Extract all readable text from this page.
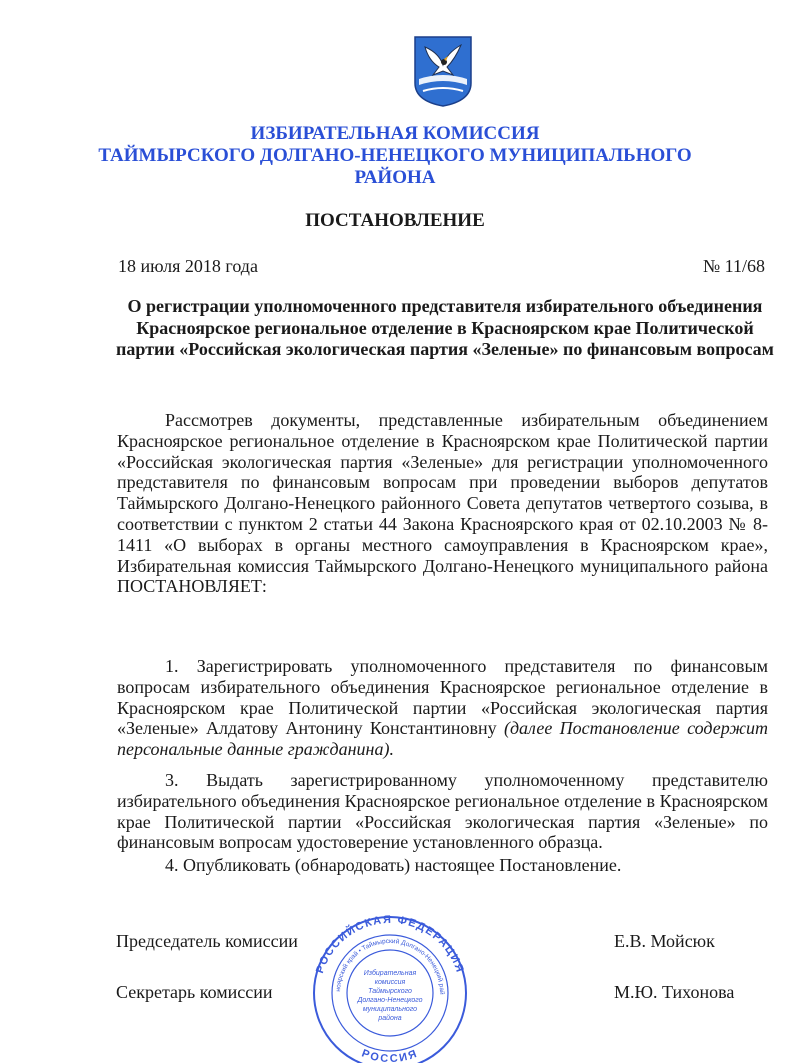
ИЗБИРАТЕЛЬНАЯ КОМИССИЯ
ТАЙМЫРСКОГО ДОЛГАНО-НЕНЕЦКОГО МУНИЦИПАЛЬНОГО
РАЙОНА
ПОСТАНОВЛЕНИЕ
18 июля 2018 года	№ 11/68
О регистрации уполномоченного представителя избирательного объединения Красноярское региональное отделение в Красноярском крае Политической партии «Российская экологическая партия «Зеленые» по финансовым вопросам
Рассмотрев документы, представленные избирательным объединением Красноярское региональное отделение в Красноярском крае Политической партии «Российская экологическая партия «Зеленые» для регистрации уполномоченного представителя по финансовым вопросам при проведении выборов депутатов Таймырского Долгано-Ненецкого районного Совета депутатов четвертого созыва, в соответствии с пунктом 2 статьи 44 Закона Красноярского края от 02.10.2003 № 8-1411 «О выборах в органы местного самоуправления в Красноярском крае», Избирательная комиссия Таймырского Долгано-Ненецкого муниципального района ПОСТАНОВЛЯЕТ:
1. Зарегистрировать уполномоченного представителя по финансовым вопросам избирательного объединения Красноярское региональное отделение в Красноярском крае Политической партии «Российская экологическая партия «Зеленые» Алдатову Антонину Константиновну (далее Постановление содержит персональные данные гражданина).
3. Выдать зарегистрированному уполномоченному представителю избирательного объединения Красноярское региональное отделение в Красноярском крае Политической партии «Российская экологическая партия «Зеленые» по финансовым вопросам удостоверение установленного образца.
4. Опубликовать (обнародовать) настоящее Постановление.
Председатель комиссии	Е.В. Мойсюк
Секретарь комиссии	М.Ю. Тихонова
РОССИЙСКАЯ ФЕДЕРАЦИЯ
РОССИЯ
ноярский край • Таймырский Долгано-Ненецкий рай
Избирательная
комиссия
Таймырского
Долгано-Ненецкого
муниципального
района
